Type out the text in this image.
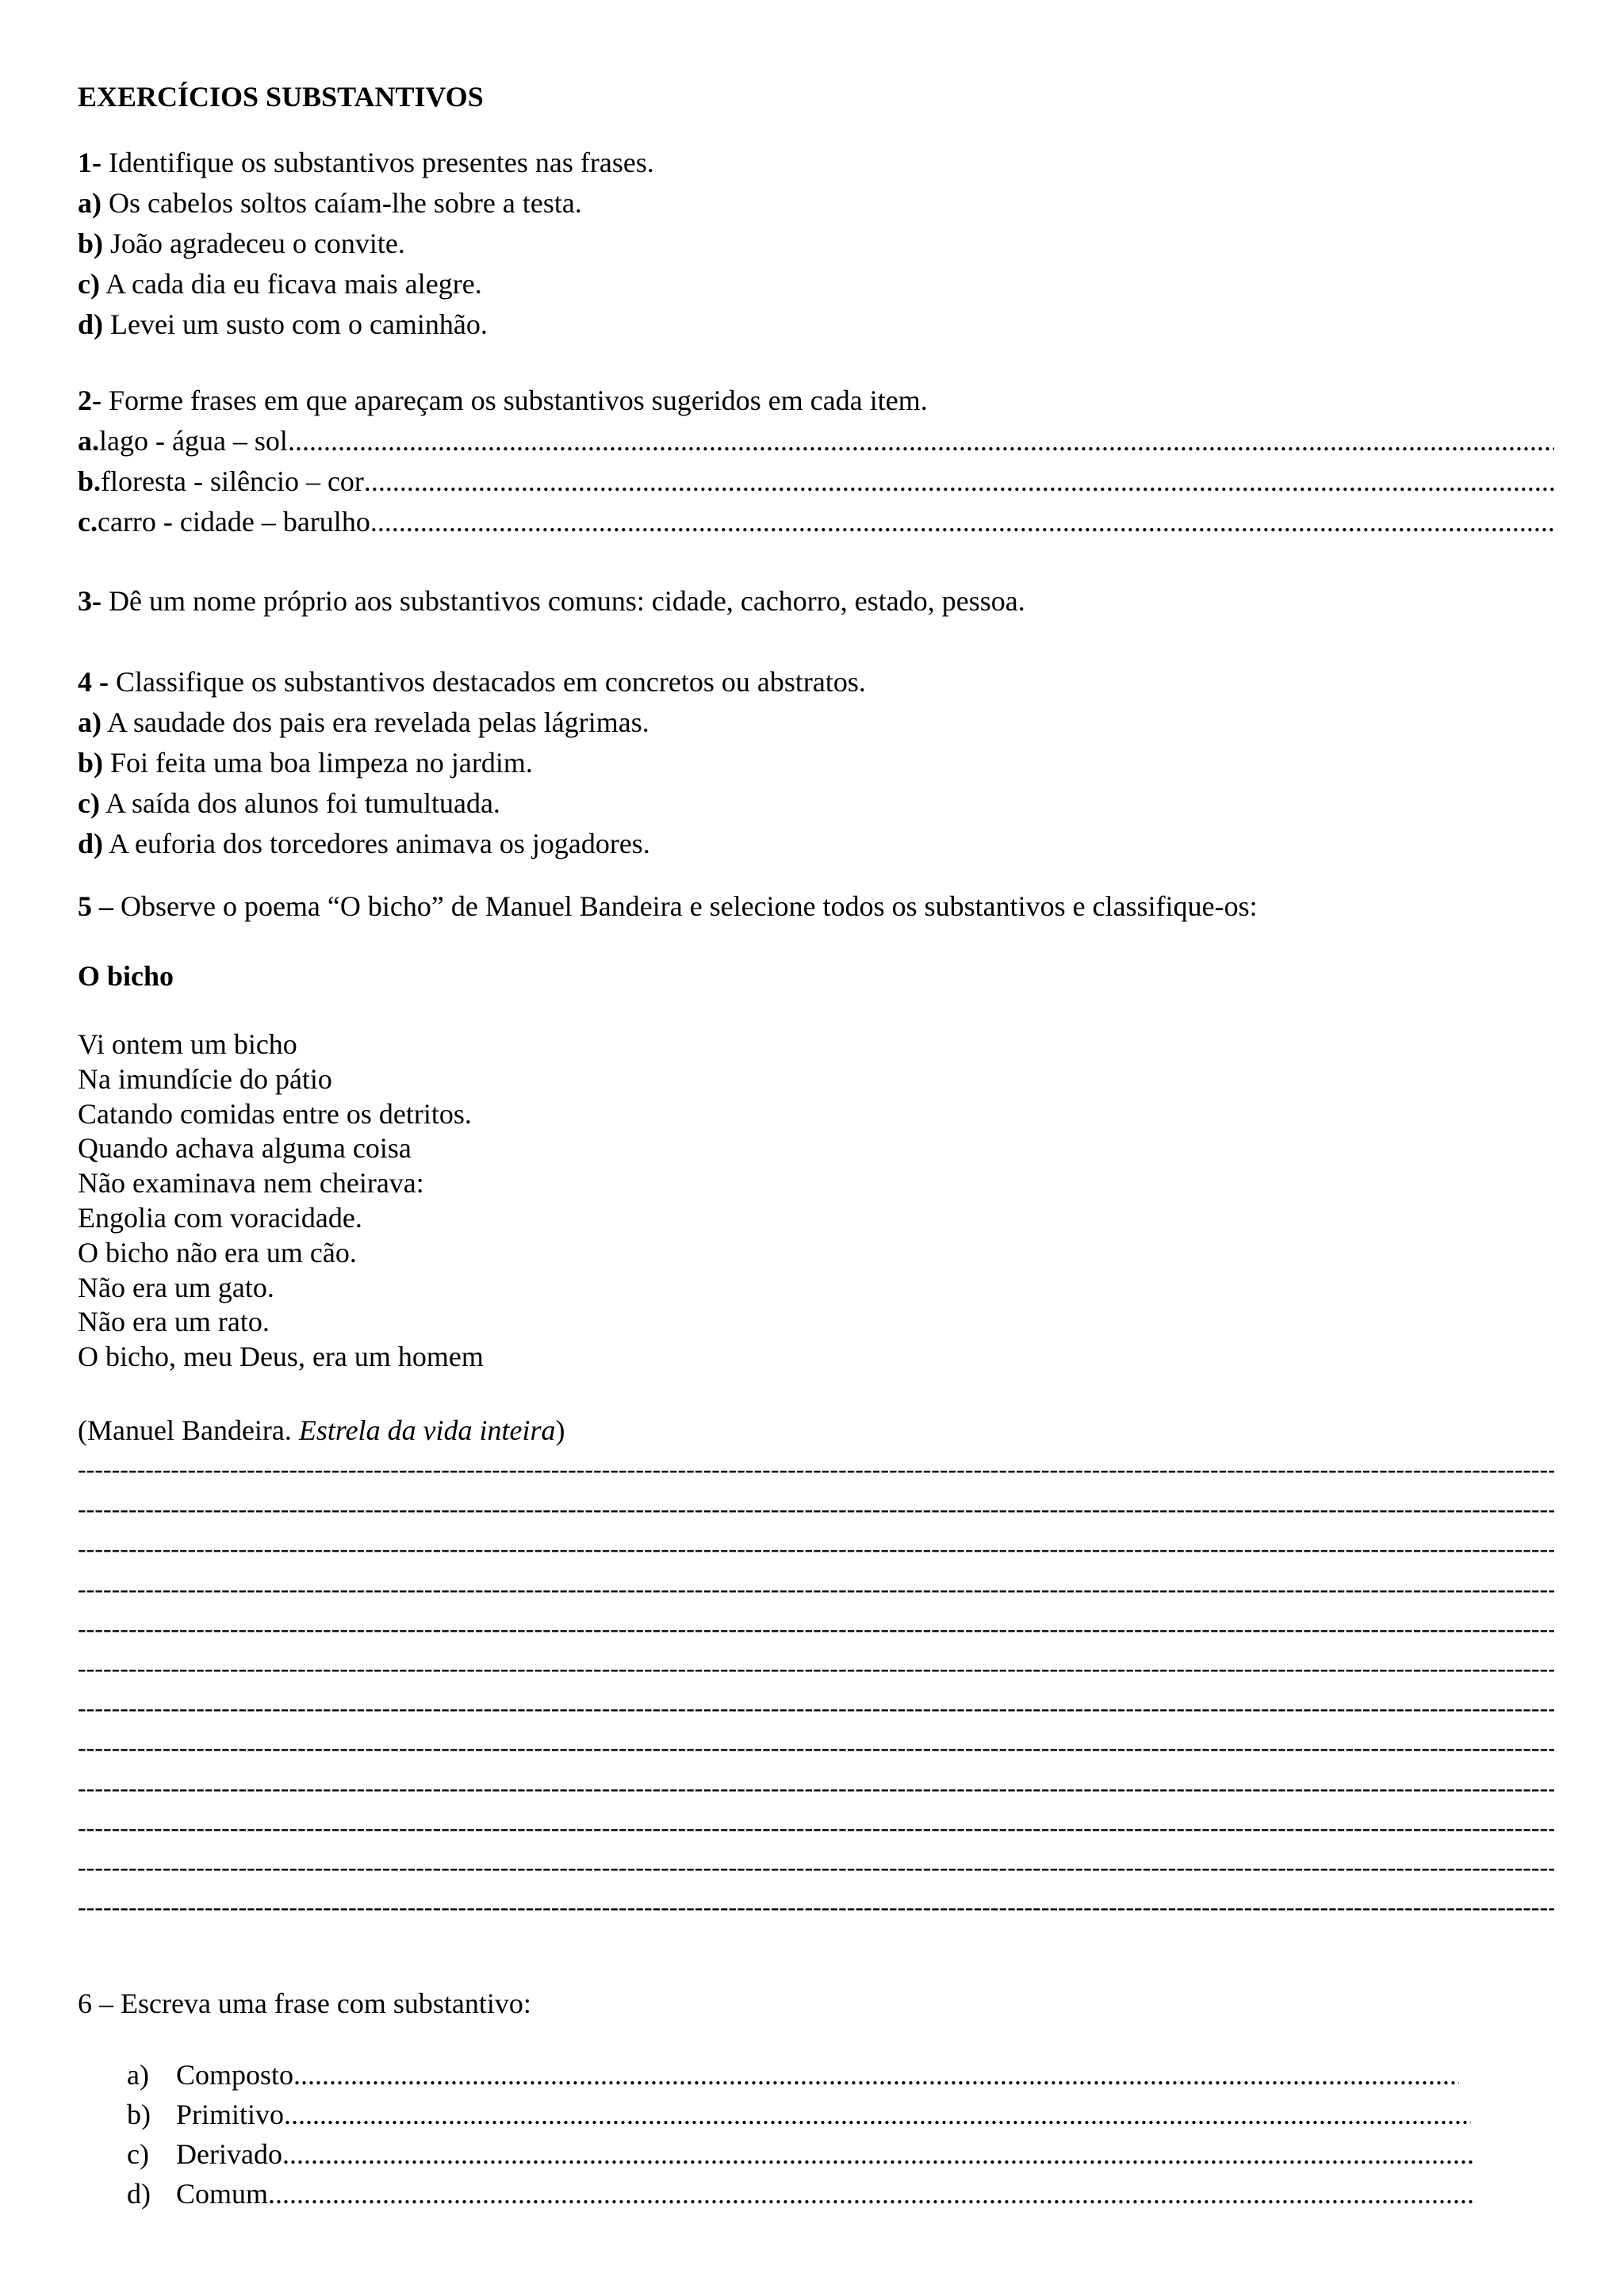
EXERCÍCIOS SUBSTANTIVOS
1- Identifique os substantivos presentes nas frases.
a) Os cabelos soltos caíam-lhe sobre a testa.
b) João agradeceu o convite.
c) A cada dia eu ficava mais alegre.
d) Levei um susto com o caminhão.
2- Forme frases em que apareçam os substantivos sugeridos em cada item.
a. lago - água – sol
.....
b. floresta - silêncio – cor
.....
c. carro - cidade – barulho
.....
3- Dê um nome próprio aos substantivos comuns: cidade, cachorro, estado, pessoa.
4 - Classifique os substantivos destacados em concretos ou abstratos.
a) A saudade dos pais era revelada pelas lágrimas.
b) Foi feita uma boa limpeza no jardim.
c) A saída dos alunos foi tumultuada.
d) A euforia dos torcedores animava os jogadores.
5 – Observe o poema “O bicho” de Manuel Bandeira e selecione todos os substantivos e classifique-os:
O bicho
Vi ontem um bicho
Na imundície do pátio
Catando comidas entre os detritos.
Quando achava alguma coisa
Não examinava nem cheirava:
Engolia com voracidade.
O bicho não era um cão.
Não era um gato.
Não era um rato.
O bicho, meu Deus, era um homem
(Manuel Bandeira. Estrela da vida inteira)
-----
-----
-----
-----
-----
-----
-----
-----
-----
-----
-----
-----
6 – Escreva uma frase com substantivo:
a) Composto
.....
b) Primitivo
.....
c) Derivado
.....
d) Comum
.....
